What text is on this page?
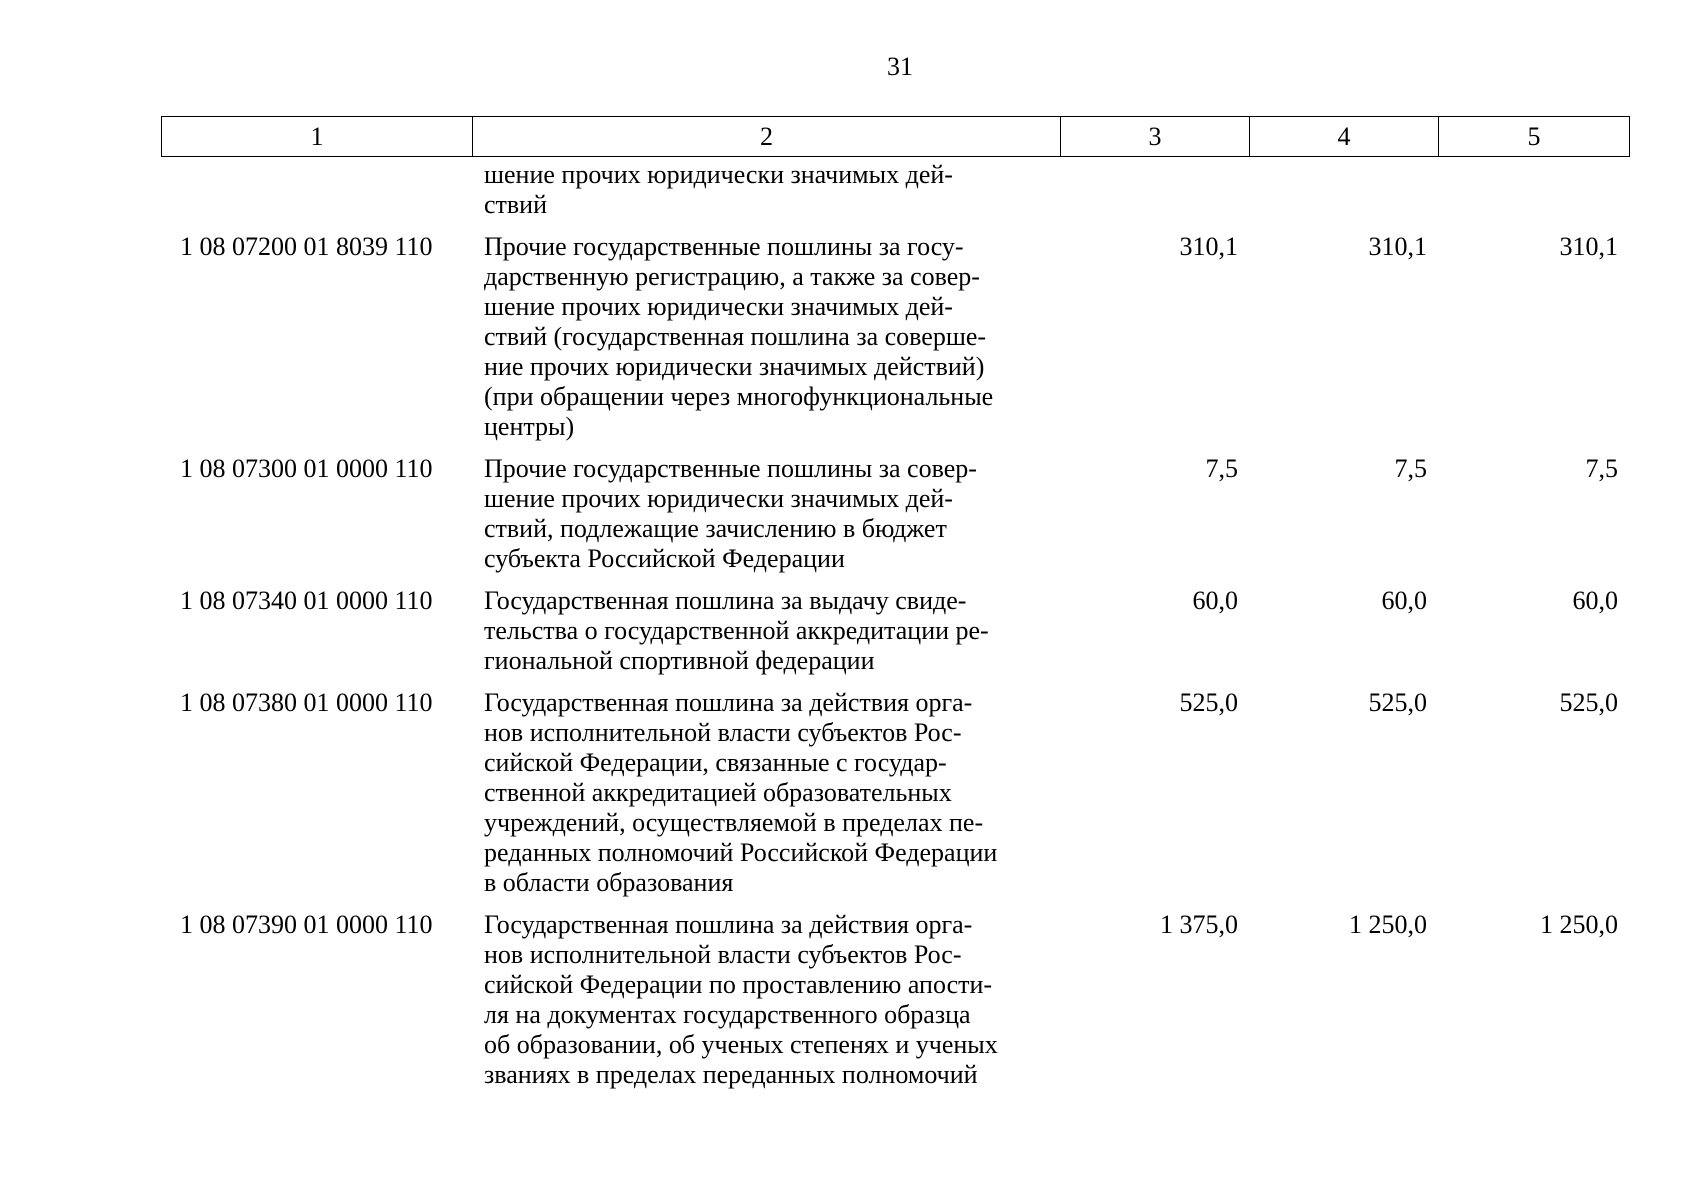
31
1	2	3	4	5
шение прочих юридически значимых дей-
ствий
1 08 07200 01 8039 110	Прочие государственные пошлины за госу-
дарственную регистрацию, а также за совер-
шение прочих юридически значимых дей-
ствий (государственная пошлина за соверше-
ние прочих юридически значимых действий)
(при обращении через многофункциональные
центры)
310,1	310,1	310,1
1 08 07300 01 0000 110	Прочие государственные пошлины за совер-
шение прочих юридически значимых дей-
ствий, подлежащие зачислению в бюджет
субъекта Российской Федерации
7,5	7,5	7,5
1 08 07340 01 0000 110	Государственная пошлина за выдачу свиде-
тельства о государственной аккредитации ре-
гиональной спортивной федерации
60,0	60,0	60,0
1 08 07380 01 0000 110	Государственная пошлина за действия орга-
нов исполнительной власти субъектов Рос-
сийской Федерации, связанные с государ-
ственной аккредитацией образовательных
учреждений, осуществляемой в пределах пе-
реданных полномочий Российской Федерации
в области образования
525,0	525,0	525,0
1 08 07390 01 0000 110	Государственная пошлина за действия орга-
нов исполнительной власти субъектов Рос-
сийской Федерации по проставлению апости-
ля на документах государственного образца
об образовании, об ученых степенях и ученых
званиях в пределах переданных полномочий
1 375,0	1 250,0	1 250,0
